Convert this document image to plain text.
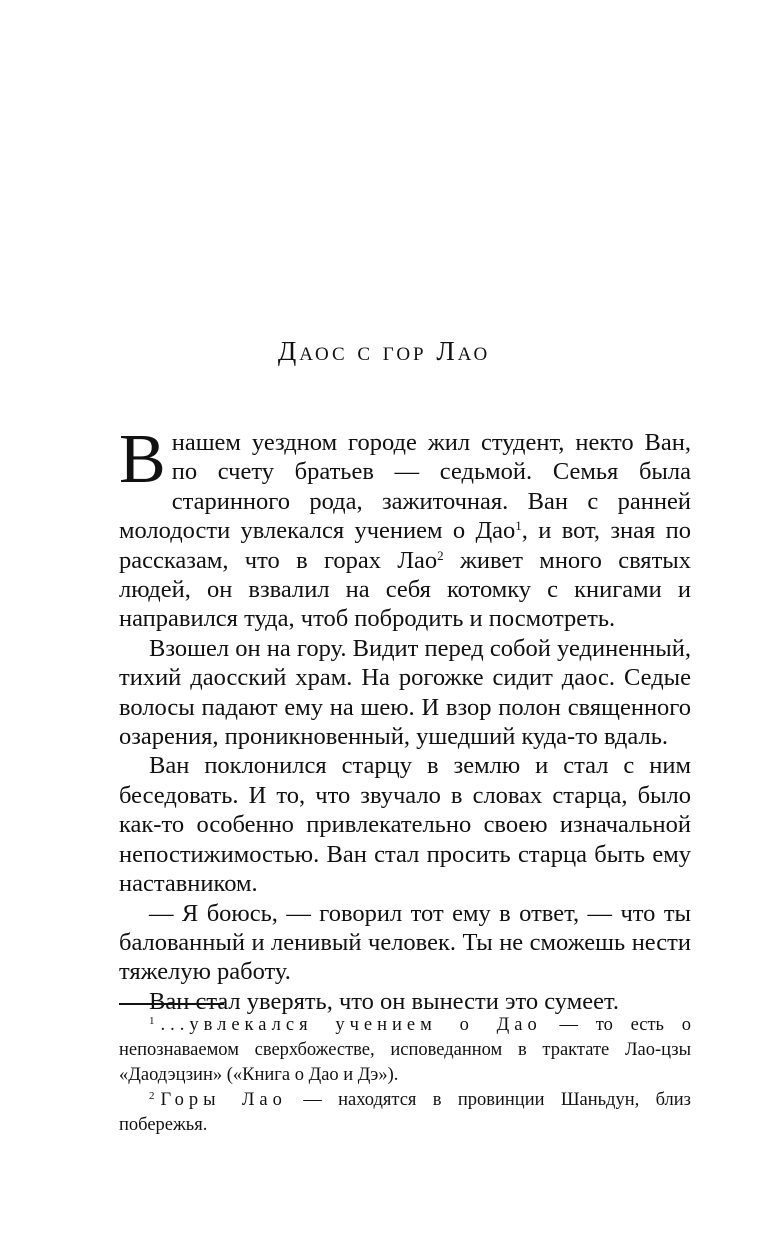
Даос с гор Лао

Внашем уездном городе жил студент, некто Ван, по счету братьев — седьмой. Семья была старинного рода, зажиточная. Ван с ранней молодости увлекался учением о Дао$^1$, и вот, зная по рассказам, что в горах Лао$^2$ живет много святых людей, он взвалил на себя котомку с книгами и направился туда, чтоб побродить и посмотреть.

Взошел он на гору. Видит перед собой уединенный, тихий даосский храм. На рогожке сидит даос. Седые волосы падают ему на шею. И взор полон священного озарения, проникновенный, ушедший куда-то вдаль.

Ван поклонился старцу в землю и стал с ним беседовать. И то, что звучало в словах старца, было как-то особенно привлекательно своею изначальной непостижимостью. Ван стал просить старца быть ему наставником.

— Я боюсь, — говорил тот ему в ответ, — что ты балованный и ленивый человек. Ты не сможешь нести тяжелую работу.

Ван стал уверять, что он вынести это сумеет.

$^1$ ...увлекался учением о Дао — то есть о непознаваемом сверхбожестве, исповеданном в трактате Лао-цзы «Даодэцзин» («Книга о Дао и Дэ»).

$^2$ Горы Лао — находятся в провинции Шаньдун, близ побережья.
